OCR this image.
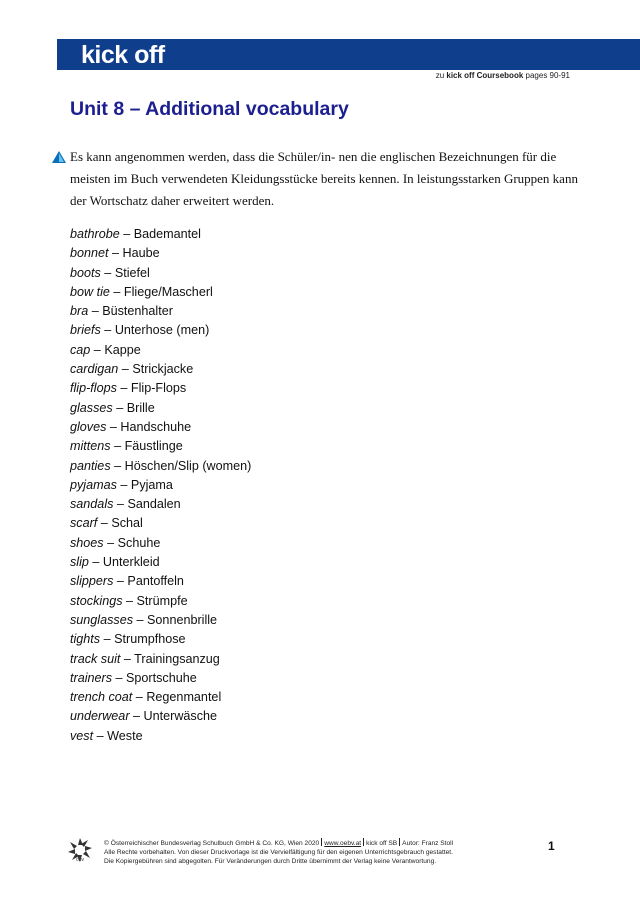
kick off
zu kick off Coursebook pages 90-91
Unit 8 – Additional vocabulary
Es kann angenommen werden, dass die Schüler/in- nen die englischen Bezeichnungen für die meisten im Buch verwendeten Kleidungsstücke bereits kennen. In leistungsstarken Gruppen kann der Wortschatz daher erweitert werden.
bathrobe – Bademantel
bonnet – Haube
boots – Stiefel
bow tie – Fliege/Mascherl
bra – Büstenhalter
briefs – Unterhose (men)
cap – Kappe
cardigan – Strickjacke
flip-flops – Flip-Flops
glasses – Brille
gloves – Handschuhe
mittens – Fäustlinge
panties – Höschen/Slip (women)
pyjamas – Pyjama
sandals – Sandalen
scarf – Schal
shoes – Schuhe
slip – Unterkleid
slippers – Pantoffeln
stockings – Strümpfe
sunglasses – Sonnenbrille
tights – Strumpfhose
track suit – Trainingsanzug
trainers – Sportschuhe
trench coat – Regenmantel
underwear – Unterwäsche
vest – Weste
öbv
© Österreichischer Bundesverlag Schulbuch GmbH & Co. KG, Wien 2020 www.oebv.at kick off SB Autor: Franz Stoll
Alle Rechte vorbehalten. Von dieser Druckvorlage ist die Vervielfältigung für den eigenen Unterrichtsgebrauch gestattet.
Die Kopiergebühren sind abgegolten. Für Veränderungen durch Dritte übernimmt der Verlag keine Verantwortung.
1
